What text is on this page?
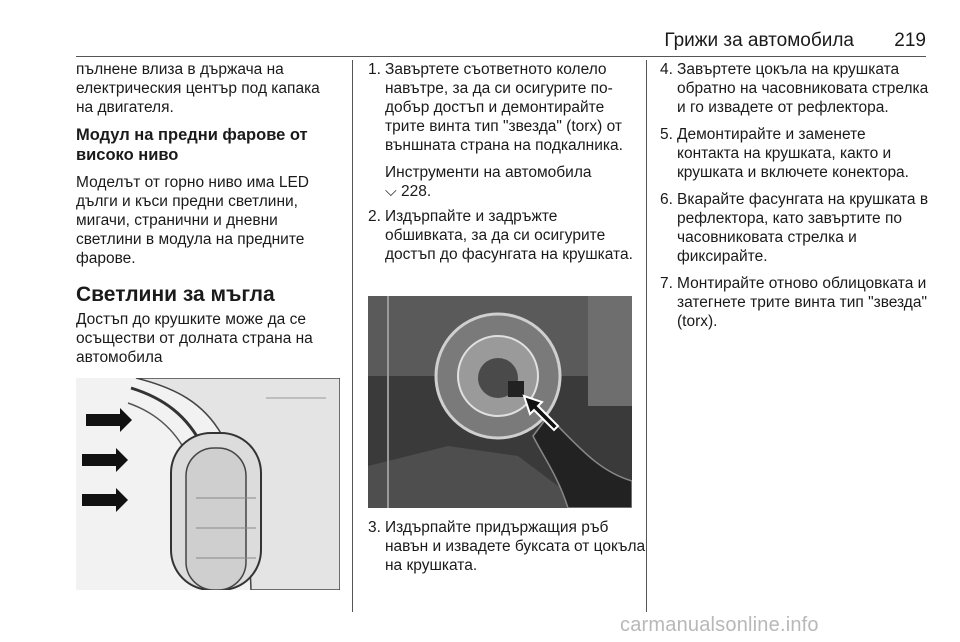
Грижи за автомобила 219

пълнене влиза в държача на електрическия център под капака на двигателя.

Модул на предни фарове от високо ниво

Моделът от горно ниво има LED дълги и къси предни светлини, мигачи, странични и дневни светлини в модула на предните фарове.

Светлини за мъгла

Достъп до крушките може да се осъществи от долната страна на автомобила

1. Завъртете съответното колело навътре, за да си осигурите по-добър достъп и демонтирайте трите винта тип "звезда" (torx) от външната страна на подкалника.
Инструменти на автомобила
⌵ 228.
2. Издърпайте и задръжте обшивката, за да си осигурите достъп до фасунгата на крушката.
3. Издърпайте придържащия ръб навън и извадете буксата от цокъла на крушката.
4. Завъртете цокъла на крушката обратно на часовниковата стрелка и го извадете от рефлектора.
5. Демонтирайте и заменете контакта на крушката, както и крушката и включете конектора.
6. Вкарайте фасунгата на крушката в рефлектора, като завъртите по часовниковата стрелка и фиксирайте.
7. Монтирайте отново облицовката и затегнете трите винта тип "звезда" (torx).
carmanualsonline.info
